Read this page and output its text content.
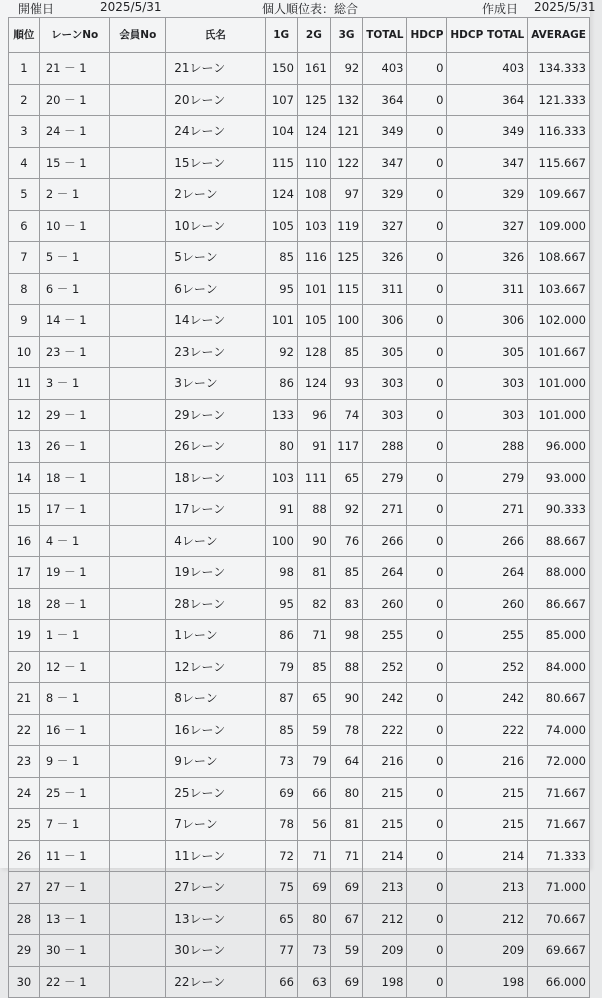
開催日	2025/5/31	個人順位表：総合	作成日 2025/5/31
順位	レーンNo	会員No	氏名	1G	2G	3G	TOTAL	HDCP	HDCP TOTAL	AVERAGE
1	21 － 1		21レーン	150	161	92	403	0	403	134.333
2	20 － 1		20レーン	107	125	132	364	0	364	121.333
3	24 － 1		24レーン	104	124	121	349	0	349	116.333
4	15 － 1		15レーン	115	110	122	347	0	347	115.667
5	2 － 1		2レーン	124	108	97	329	0	329	109.667
6	10 － 1		10レーン	105	103	119	327	0	327	109.000
7	5 － 1		5レーン	85	116	125	326	0	326	108.667
8	6 － 1		6レーン	95	101	115	311	0	311	103.667
9	14 － 1		14レーン	101	105	100	306	0	306	102.000
10	23 － 1		23レーン	92	128	85	305	0	305	101.667
11	3 － 1		3レーン	86	124	93	303	0	303	101.000
12	29 － 1		29レーン	133	96	74	303	0	303	101.000
13	26 － 1		26レーン	80	91	117	288	0	288	96.000
14	18 － 1		18レーン	103	111	65	279	0	279	93.000
15	17 － 1		17レーン	91	88	92	271	0	271	90.333
16	4 － 1		4レーン	100	90	76	266	0	266	88.667
17	19 － 1		19レーン	98	81	85	264	0	264	88.000
18	28 － 1		28レーン	95	82	83	260	0	260	86.667
19	1 － 1		1レーン	86	71	98	255	0	255	85.000
20	12 － 1		12レーン	79	85	88	252	0	252	84.000
21	8 － 1		8レーン	87	65	90	242	0	242	80.667
22	16 － 1		16レーン	85	59	78	222	0	222	74.000
23	9 － 1		9レーン	73	79	64	216	0	216	72.000
24	25 － 1		25レーン	69	66	80	215	0	215	71.667
25	7 － 1		7レーン	78	56	81	215	0	215	71.667
26	11 － 1		11レーン	72	71	71	214	0	214	71.333
27	27 － 1		27レーン	75	69	69	213	0	213	71.000
28	13 － 1		13レーン	65	80	67	212	0	212	70.667
29	30 － 1		30レーン	77	73	59	209	0	209	69.667
30	22 － 1		22レーン	66	63	69	198	0	198	66.000
